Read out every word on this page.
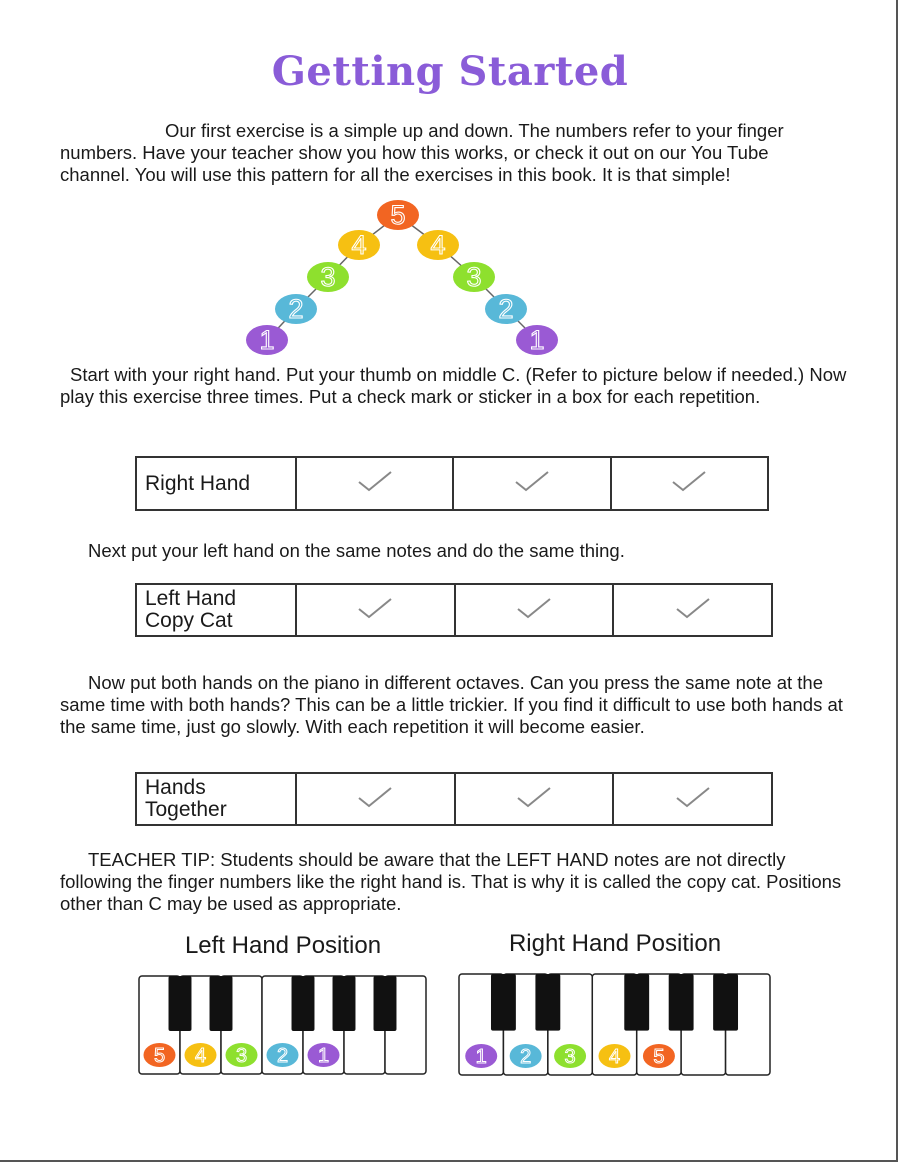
Getting Started

Our first exercise is a simple up and down. The numbers refer to your finger numbers. Have your teacher show you how this works, or check it out on our You Tube channel. You will use this pattern for all the exercises in this book. It is that simple!

1
2
3
4
5
4
3
2
1

Start with your right hand. Put your thumb on middle C. (Refer to picture below if needed.) Now play this exercise three times. Put a check mark or sticker in a box for each repetition.

Right Hand			

Next put your left hand on the same notes and do the same thing.

Left Hand
Copy Cat			

Now put both hands on the piano in different octaves. Can you press the same note at the same time with both hands? This can be a little trickier. If you find it difficult to use both hands at the same time, just go slowly. With each repetition it will become easier.

Hands
Together			

TEACHER TIP: Students should be aware that the LEFT HAND notes are not directly following the finger numbers like the right hand is. That is why it is called the copy cat. Positions other than C may be used as appropriate.

Left Hand Position	Right Hand Position
5 4 3 2 1	1 2 3 4 5
